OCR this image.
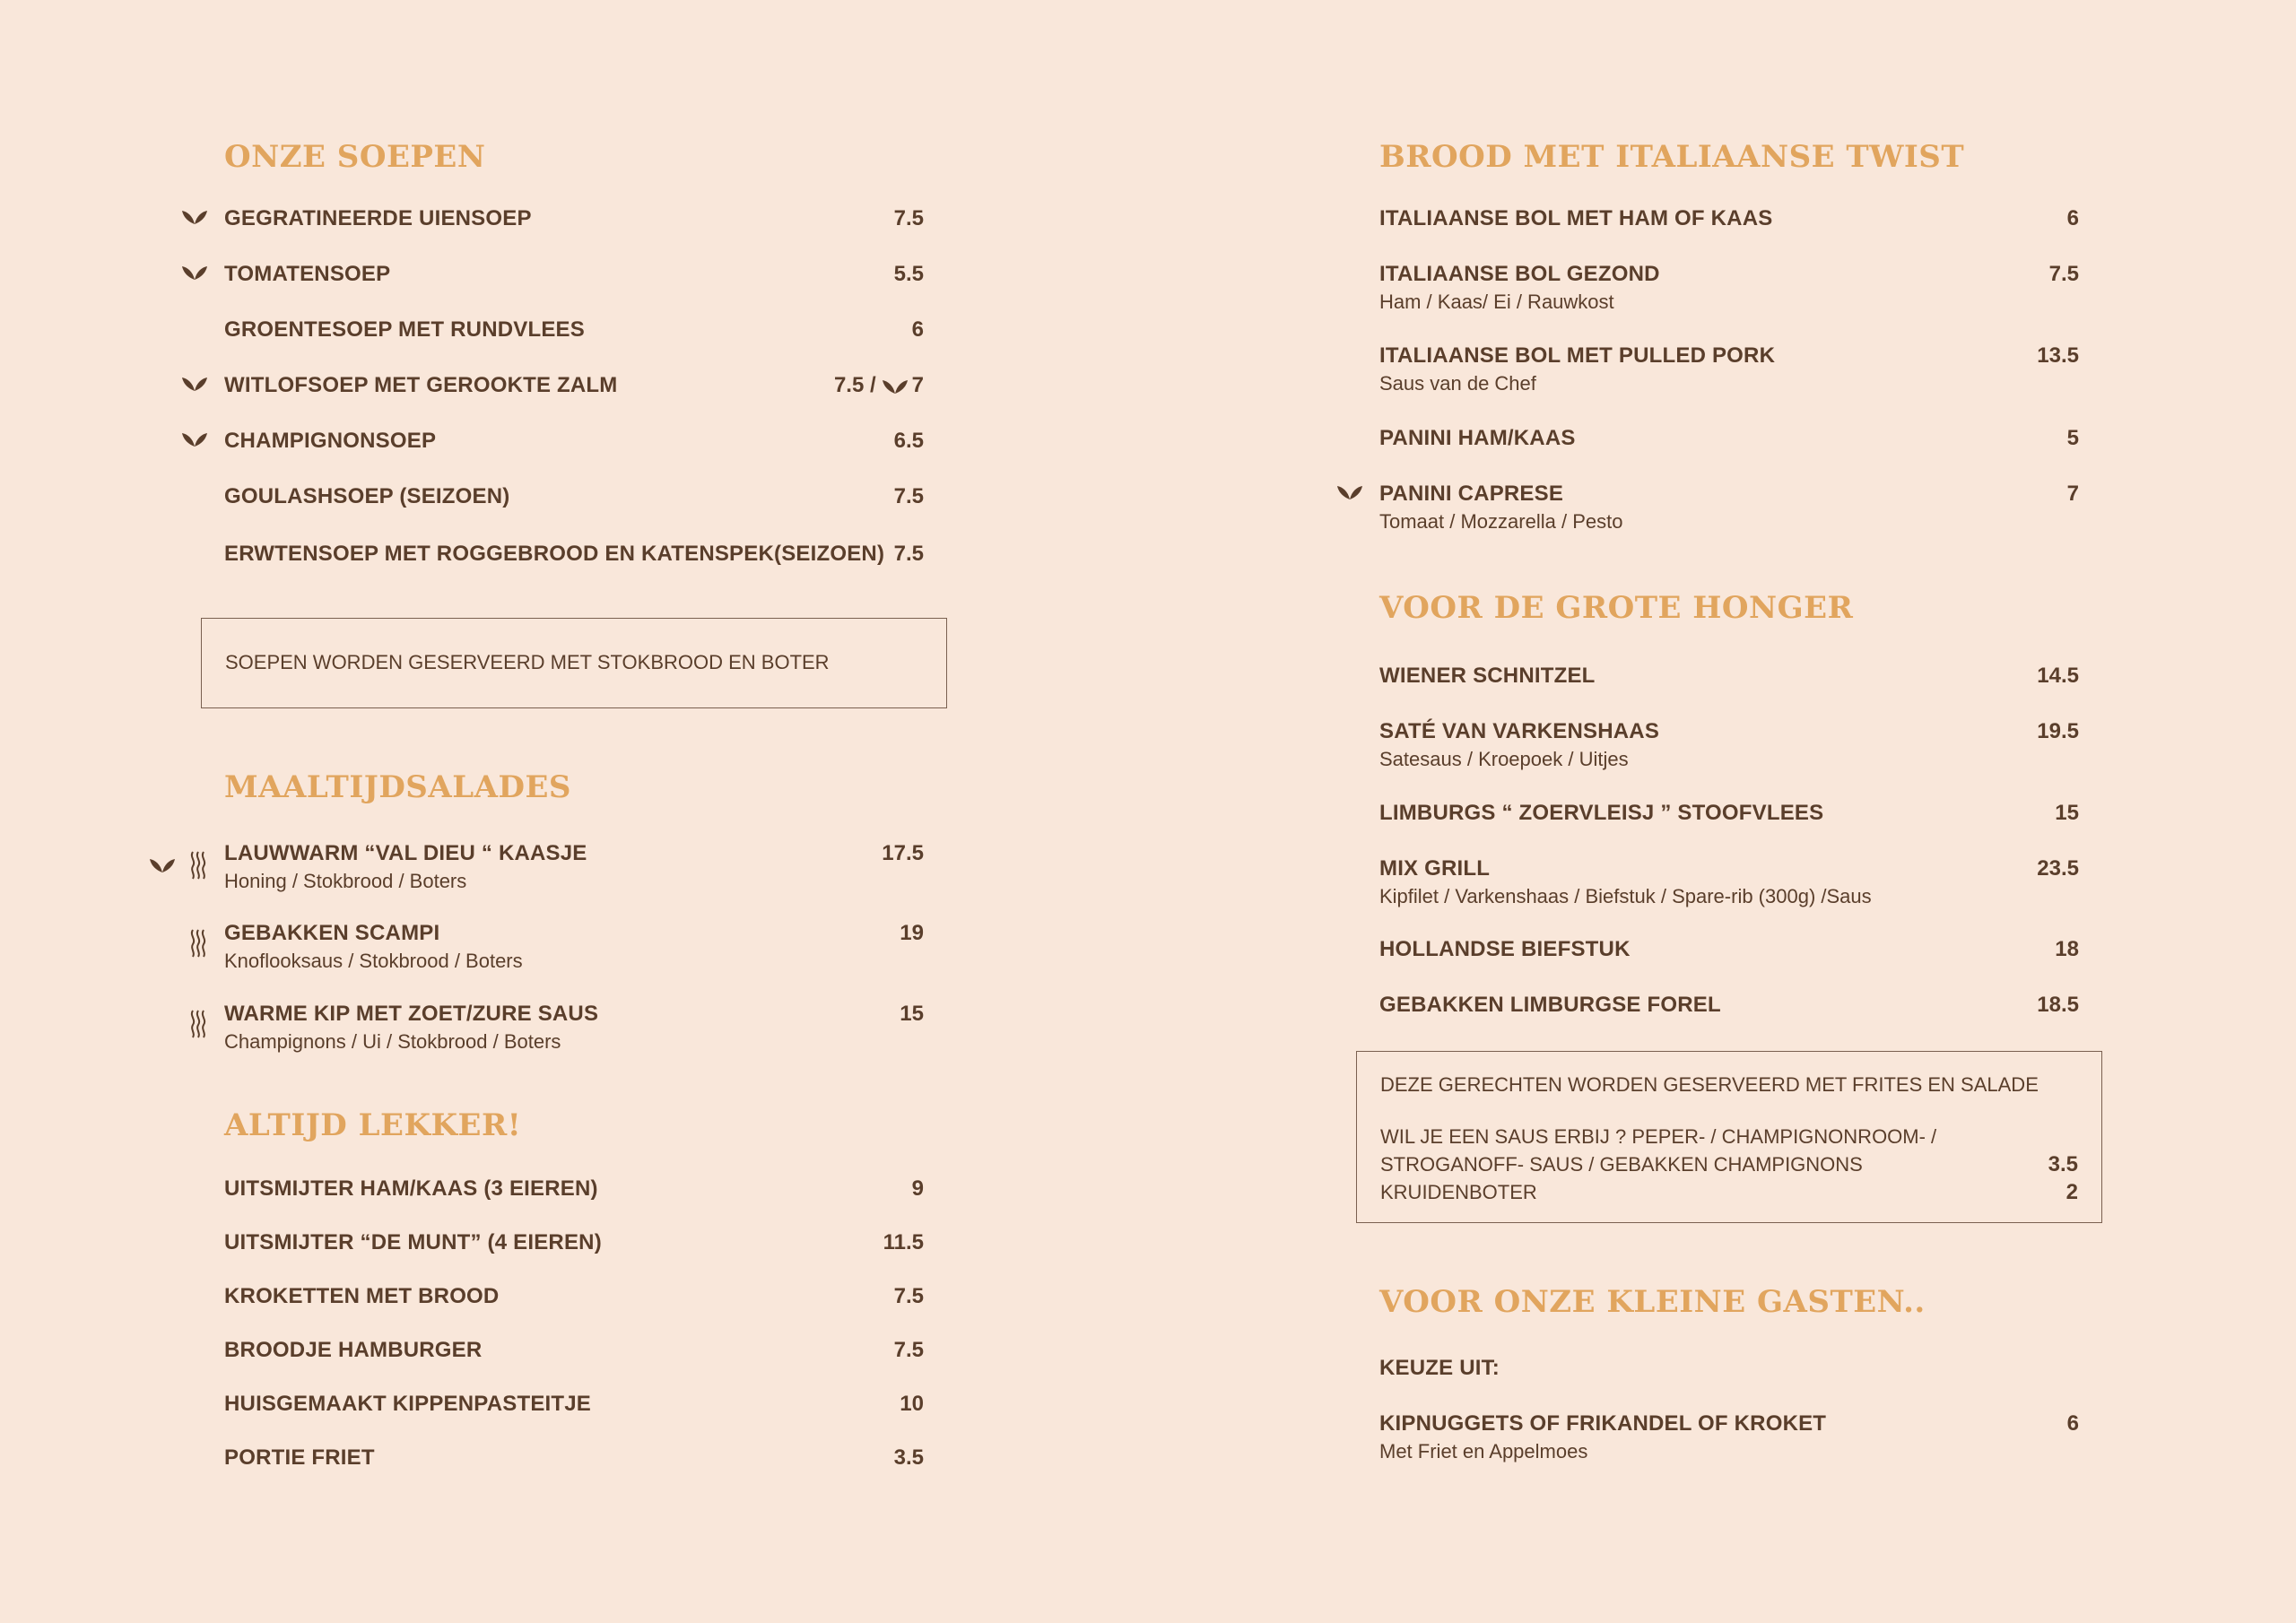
ONZE SOEPEN
GEGRATINEERDE UIENSOEP	7.5
TOMATENSOEP	5.5
GROENTESOEP MET RUNDVLEES	6
WITLOFSOEP MET GEROOKTE ZALM	7.5 / 7
CHAMPIGNONSOEP	6.5
GOULASHSOEP (SEIZOEN)	7.5
ERWTENSOEP MET ROGGEBROOD EN KATENSPEK(SEIZOEN) 7.5
SOEPEN WORDEN GESERVEERD MET STOKBROOD EN BOTER
MAALTIJDSALADES
LAUWWARM “VAL DIEU “ KAASJE
Honing / Stokbrood / Boters
17.5
GEBAKKEN SCAMPI
Knoflooksaus / Stokbrood / Boters
19
WARME KIP MET ZOET/ZURE SAUS
Champignons / Ui / Stokbrood / Boters
15
ALTIJD LEKKER!
UITSMIJTER HAM/KAAS (3 EIEREN)	9
UITSMIJTER “DE MUNT” (4 EIEREN)	11.5
KROKETTEN MET BROOD	7.5
BROODJE HAMBURGER	7.5
HUISGEMAAKT KIPPENPASTEITJE	10
PORTIE FRIET	3.5
BROOD MET ITALIAANSE TWIST
ITALIAANSE BOL MET HAM OF KAAS	6
ITALIAANSE BOL GEZOND
Ham / Kaas/ Ei / Rauwkost
7.5
ITALIAANSE BOL MET PULLED PORK
Saus van de Chef
13.5
PANINI HAM/KAAS	5
PANINI CAPRESE
Tomaat / Mozzarella / Pesto
7
VOOR DE GROTE HONGER
WIENER SCHNITZEL	14.5
SATÉ VAN VARKENSHAAS
Satesaus / Kroepoek / Uitjes
19.5
LIMBURGS “ ZOERVLEISJ ” STOOFVLEES	15
MIX GRILL
Kipfilet / Varkenshaas / Biefstuk / Spare-rib (300g) /Saus
23.5
HOLLANDSE BIEFSTUK	18
GEBAKKEN LIMBURGSE FOREL	18.5
DEZE GERECHTEN WORDEN GESERVEERD MET FRITES EN SALADE
WIL JE EEN SAUS ERBIJ ? PEPER- / CHAMPIGNONROOM- /
STROGANOFF- SAUS / GEBAKKEN CHAMPIGNONS	3.5
KRUIDENBOTER	2
VOOR ONZE KLEINE GASTEN..
KEUZE UIT:
KIPNUGGETS OF FRIKANDEL OF KROKET
Met Friet en Appelmoes
6
